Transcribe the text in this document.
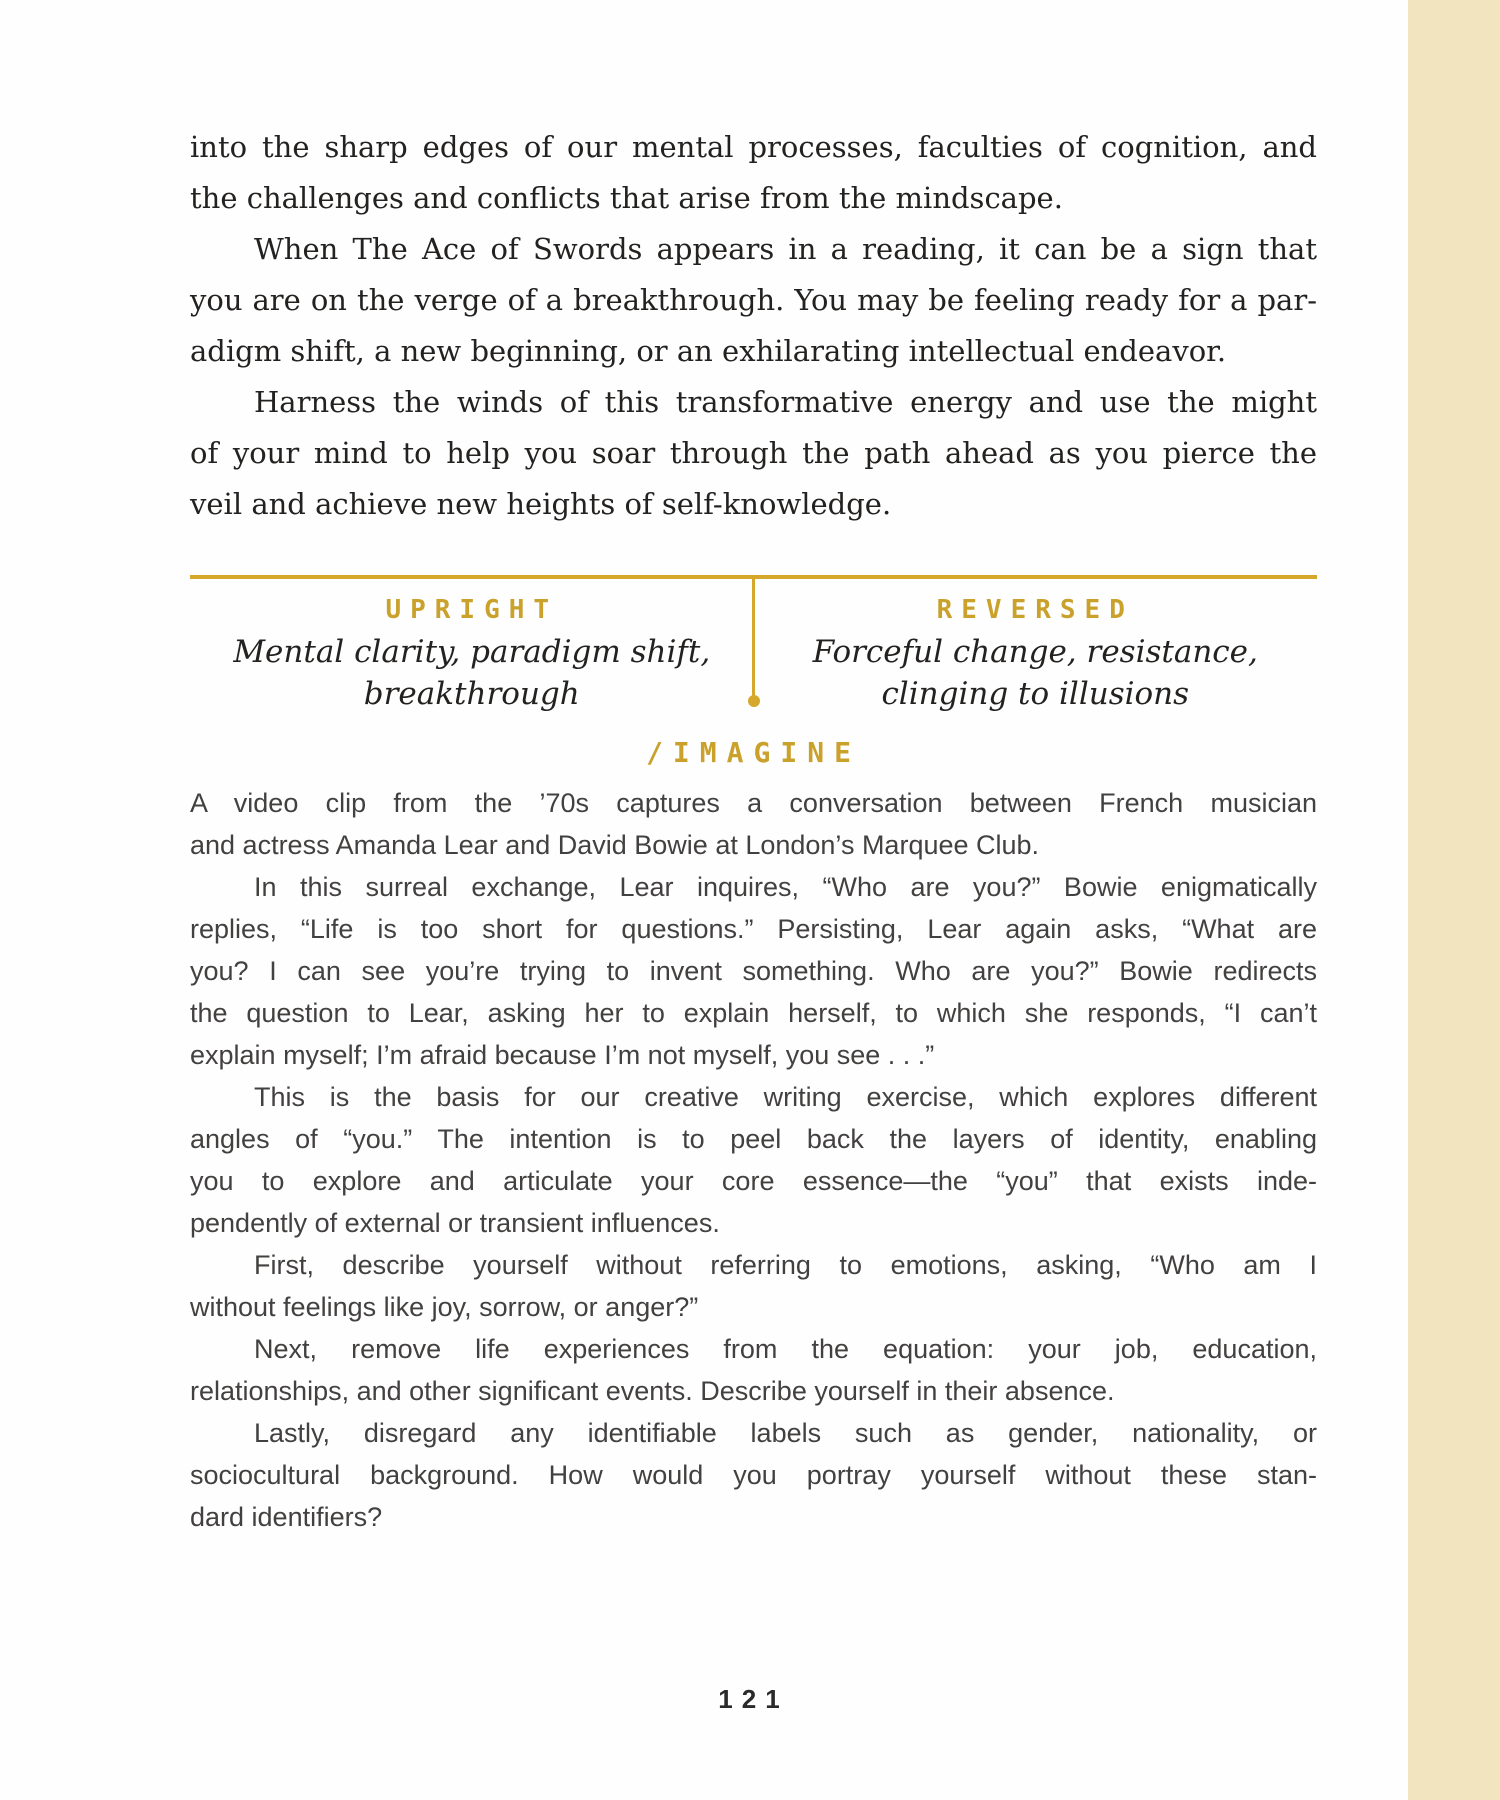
into the sharp edges of our mental processes, faculties of cognition, and
the challenges and conflicts that arise from the mindscape.

When The Ace of Swords appears in a reading, it can be a sign that
you are on the verge of a breakthrough. You may be feeling ready for a par-
adigm shift, a new beginning, or an exhilarating intellectual endeavor.

Harness the winds of this transformative energy and use the might
of your mind to help you soar through the path ahead as you pierce the
veil and achieve new heights of self-knowledge.

UPRIGHT
Mental clarity, paradigm shift,
breakthrough
REVERSED
Forceful change, resistance,
clinging to illusions
/IMAGINE

A video clip from the ’70s captures a conversation between French musician
and actress Amanda Lear and David Bowie at London’s Marquee Club.

In this surreal exchange, Lear inquires, “Who are you?” Bowie enigmatically
replies, “Life is too short for questions.” Persisting, Lear again asks, “What are
you? I can see you’re trying to invent something. Who are you?” Bowie redirects
the question to Lear, asking her to explain herself, to which she responds, “I can’t
explain myself; I’m afraid because I’m not myself, you see . . .”

This is the basis for our creative writing exercise, which explores different
angles of “you.” The intention is to peel back the layers of identity, enabling
you to explore and articulate your core essence—the “you” that exists inde-
pendently of external or transient influences.

First, describe yourself without referring to emotions, asking, “Who am I
without feelings like joy, sorrow, or anger?”

Next, remove life experiences from the equation: your job, education,
relationships, and other significant events. Describe yourself in their absence.

Lastly, disregard any identifiable labels such as gender, nationality, or
sociocultural background. How would you portray yourself without these stan-
dard identifiers?

121
